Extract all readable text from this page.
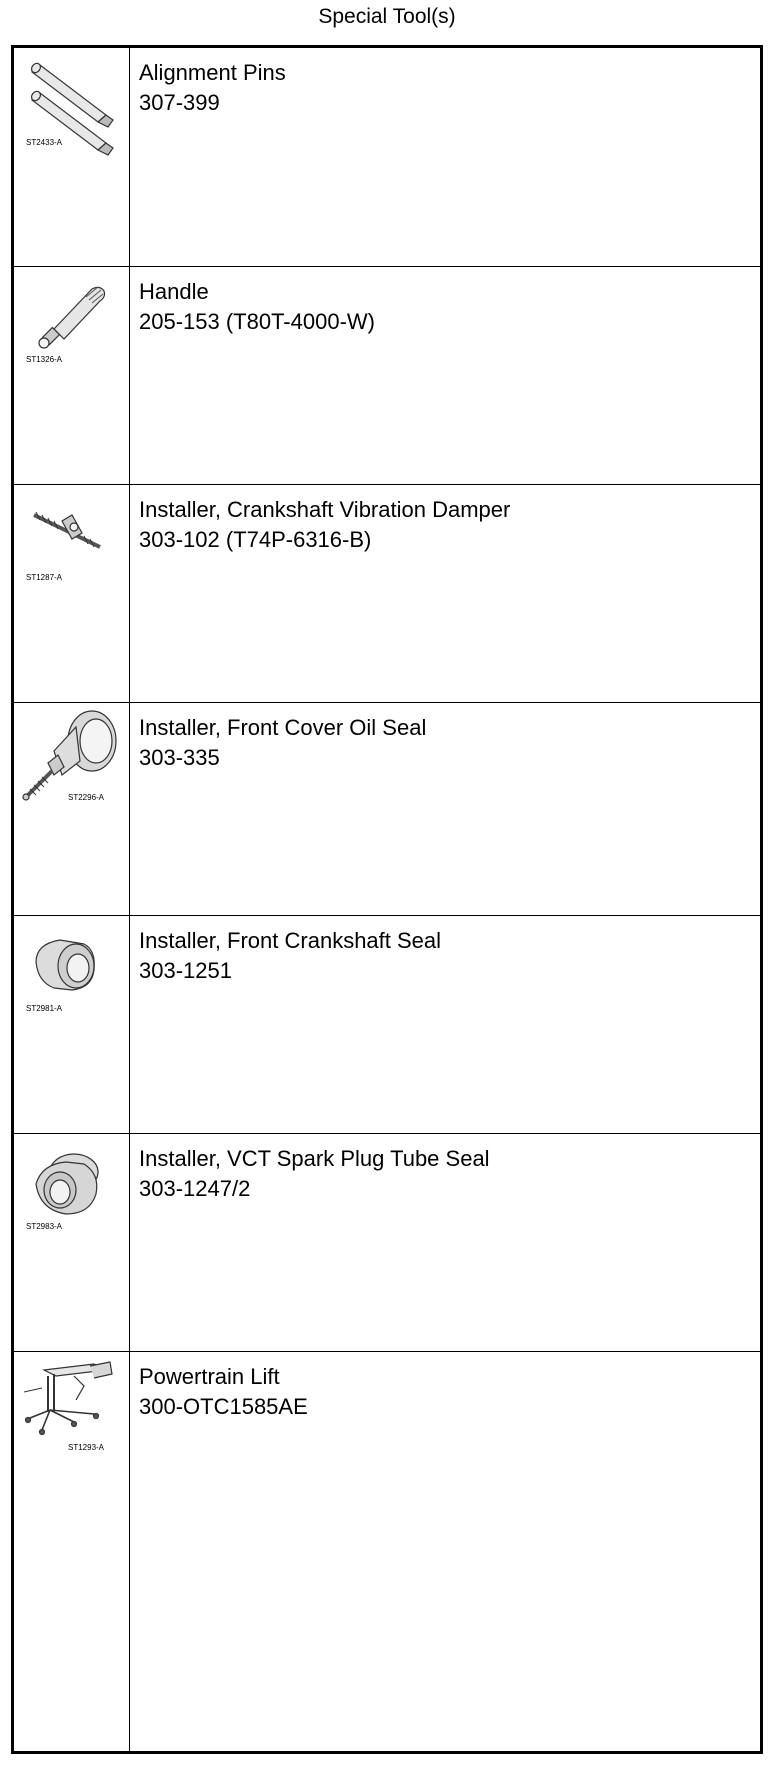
Special Tool(s)
ST2433-A
Alignment Pins
307-399
ST1326-A
Handle
205-153 (T80T-4000-W)
ST1287-A
Installer, Crankshaft Vibration Damper
303-102 (T74P-6316-B)
ST2296-A
Installer, Front Cover Oil Seal
303-335
ST2981-A
Installer, Front Crankshaft Seal
303-1251
ST2983-A
Installer, VCT Spark Plug Tube Seal
303-1247/2
ST1293-A
Powertrain Lift
300-OTC1585AE
